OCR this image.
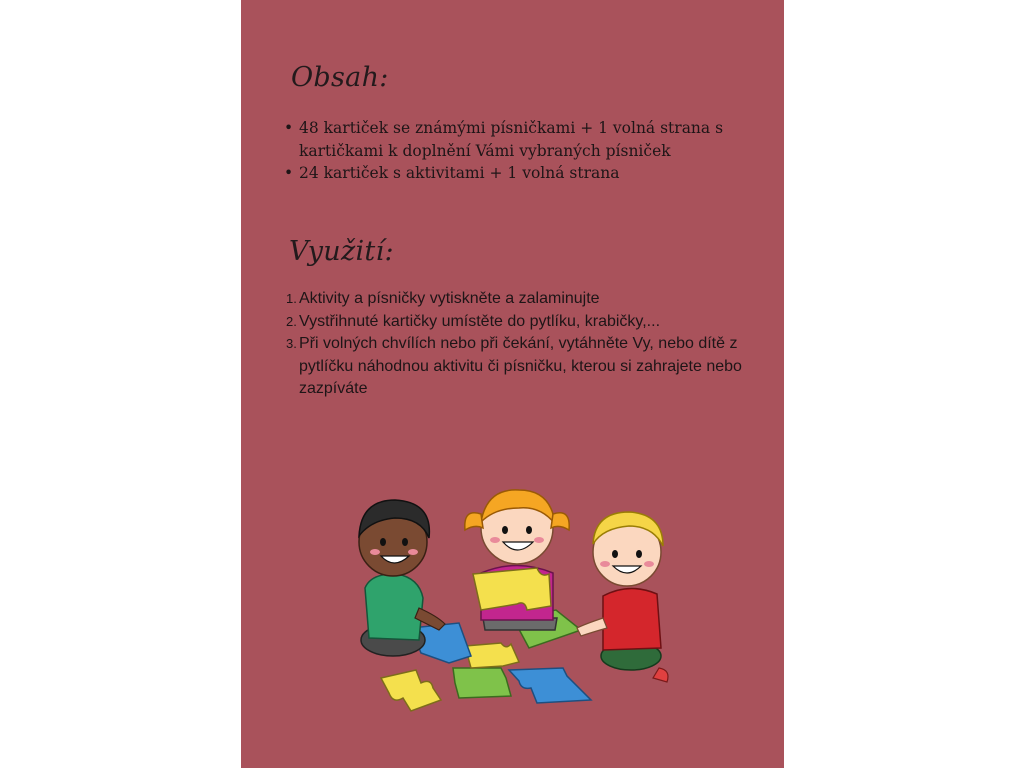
Obsah:
• 48 kartiček se známými písničkami + 1 volná strana s kartičkami k doplnění Vámi vybraných písniček
• 24 kartiček s aktivitami + 1 volná strana
Využití:
1. Aktivity a písničky vytiskněte a zalaminujte
2. Vystřihnuté kartičky umístěte do pytlíku, krabičky,...
3. Při volných chvílích nebo při čekání, vytáhněte Vy, nebo dítě z pytlíčku náhodnou aktivitu či písničku, kterou si zahrajete nebo zazpíváte
